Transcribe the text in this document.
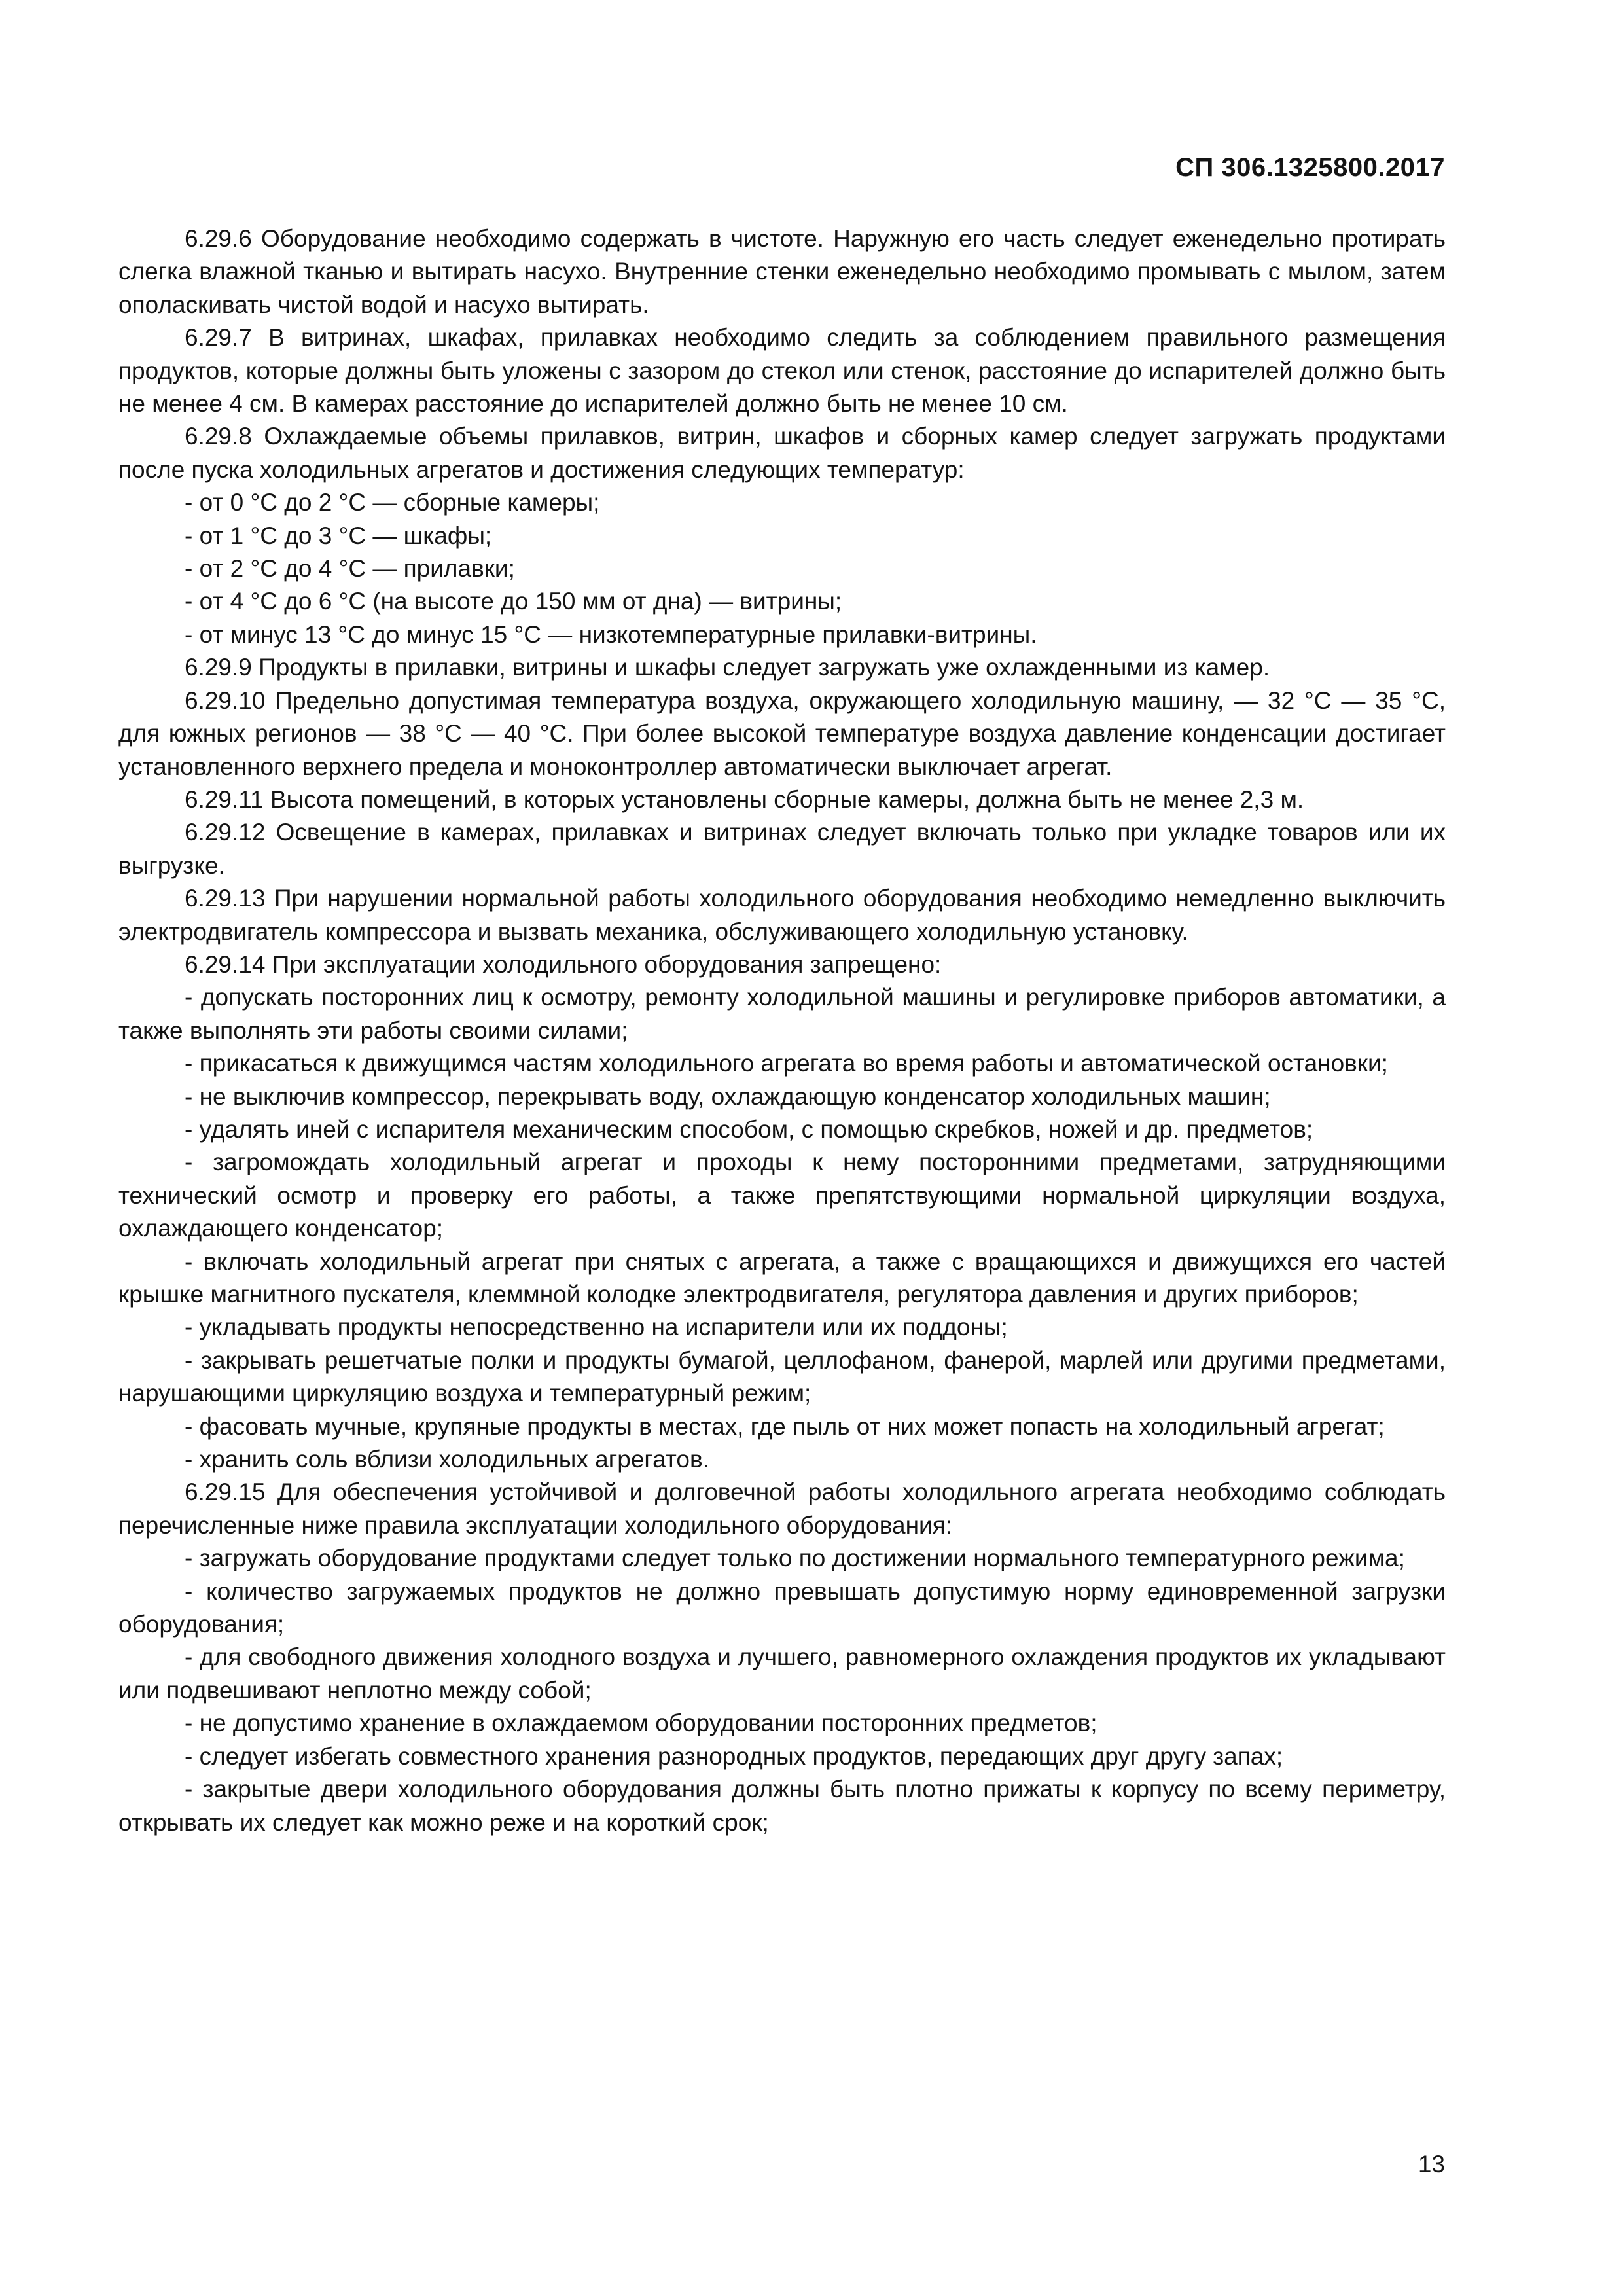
СП 306.1325800.2017

6.29.6 Оборудование необходимо содержать в чистоте. Наружную его часть следует еженедельно протирать слегка влажной тканью и вытирать насухо. Внутренние стенки еженедельно необходимо промывать с мылом, затем ополаскивать чистой водой и насухо вытирать.

6.29.7 В витринах, шкафах, прилавках необходимо следить за соблюдением правильного размещения продуктов, которые должны быть уложены с зазором до стекол или стенок, расстояние до испарителей должно быть не менее 4 см. В камерах расстояние до испарителей должно быть не менее 10 см.

6.29.8 Охлаждаемые объемы прилавков, витрин, шкафов и сборных камер следует загружать продуктами после пуска холодильных агрегатов и достижения следующих температур:

- от 0 °С до 2 °С — сборные камеры;

- от 1 °С до 3 °С — шкафы;

- от 2 °С до 4 °С — прилавки;

- от 4 °С до 6 °С (на высоте до 150 мм от дна) — витрины;

- от минус 13 °С до минус 15 °С — низкотемпературные прилавки-витрины.

6.29.9 Продукты в прилавки, витрины и шкафы следует загружать уже охлажденными из камер.

6.29.10 Предельно допустимая температура воздуха, окружающего холодильную машину, — 32 °С — 35 °С, для южных регионов — 38 °С — 40 °С. При более высокой температуре воздуха давление конденсации достигает установленного верхнего предела и моноконтроллер автоматически выключает агрегат.

6.29.11 Высота помещений, в которых установлены сборные камеры, должна быть не менее 2,3 м.

6.29.12 Освещение в камерах, прилавках и витринах следует включать только при укладке товаров или их выгрузке.

6.29.13 При нарушении нормальной работы холодильного оборудования необходимо немедленно выключить электродвигатель компрессора и вызвать механика, обслуживающего холодильную установку.

6.29.14 При эксплуатации холодильного оборудования запрещено:

- допускать посторонних лиц к осмотру, ремонту холодильной машины и регулировке приборов автоматики, а также выполнять эти работы своими силами;

- прикасаться к движущимся частям холодильного агрегата во время работы и автоматической остановки;

- не выключив компрессор, перекрывать воду, охлаждающую конденсатор холодильных машин;

- удалять иней с испарителя механическим способом, с помощью скребков, ножей и др. предметов;

- загромождать холодильный агрегат и проходы к нему посторонними предметами, затрудняющими технический осмотр и проверку его работы, а также препятствующими нормальной циркуляции воздуха, охлаждающего конденсатор;

- включать холодильный агрегат при снятых с агрегата, а также с вращающихся и движущихся его частей крышке магнитного пускателя, клеммной колодке электродвигателя, регулятора давления и других приборов;

- укладывать продукты непосредственно на испарители или их поддоны;

- закрывать решетчатые полки и продукты бумагой, целлофаном, фанерой, марлей или другими предметами, нарушающими циркуляцию воздуха и температурный режим;

- фасовать мучные, крупяные продукты в местах, где пыль от них может попасть на холодильный агрегат;

- хранить соль вблизи холодильных агрегатов.

6.29.15 Для обеспечения устойчивой и долговечной работы холодильного агрегата необходимо соблюдать перечисленные ниже правила эксплуатации холодильного оборудования:

- загружать оборудование продуктами следует только по достижении нормального температурного режима;

- количество загружаемых продуктов не должно превышать допустимую норму единовременной загрузки оборудования;

- для свободного движения холодного воздуха и лучшего, равномерного охлаждения продуктов их укладывают или подвешивают неплотно между собой;

- не допустимо хранение в охлаждаемом оборудовании посторонних предметов;

- следует избегать совместного хранения разнородных продуктов, передающих друг другу запах;

- закрытые двери холодильного оборудования должны быть плотно прижаты к корпусу по всему периметру, открывать их следует как можно реже и на короткий срок;

13
